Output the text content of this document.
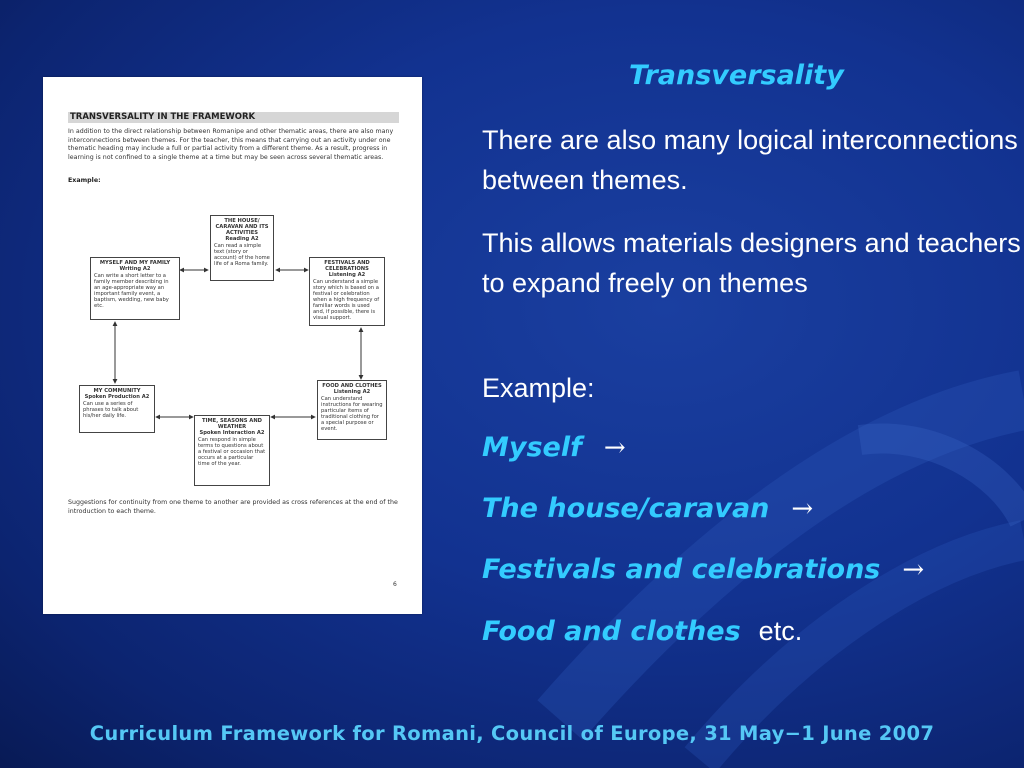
TRANSVERSALITY IN THE FRAMEWORK
In addition to the direct relationship between Romanipe and other thematic areas, there are also many interconnections between themes. For the teacher, this means that carrying out an activity under one thematic heading may include a full or partial activity from a different theme. As a result, progress in learning is not confined to a single theme at a time but may be seen across several thematic areas.
Example:
THE HOUSE/ CARAVAN AND ITS ACTIVITIES
Reading A2
Can read a simple text (story or account) of the home life of a Roma family.
MYSELF AND MY FAMILY
Writing A2
Can write a short letter to a family member describing in an age-appropriate way an important family event, a baptism, wedding, new baby etc.
FESTIVALS AND CELEBRATIONS
Listening A2
Can understand a simple story which is based on a festival or celebration when a high frequency of familiar words is used and, if possible, there is visual support.
MY COMMUNITY
Spoken Production A2
Can use a series of phrases to talk about his/her daily life.
FOOD AND CLOTHES
Listening A2
Can understand instructions for wearing particular items of traditional clothing for a special purpose or event.
TIME, SEASONS AND WEATHER
Spoken Interaction A2
Can respond in simple terms to questions about a festival or occasion that occurs at a particular time of the year.
Suggestions for continuity from one theme to another are provided as cross references at the end of the introduction to each theme.
6
Transversality
There are also many logical interconnections between themes.
This allows materials designers and teachers to expand freely on themes
Example:
Myself →
The house/caravan →
Festivals and celebrations →
Food and clothes etc.
Curriculum Framework for Romani, Council of Europe, 31 May−1 June 2007
